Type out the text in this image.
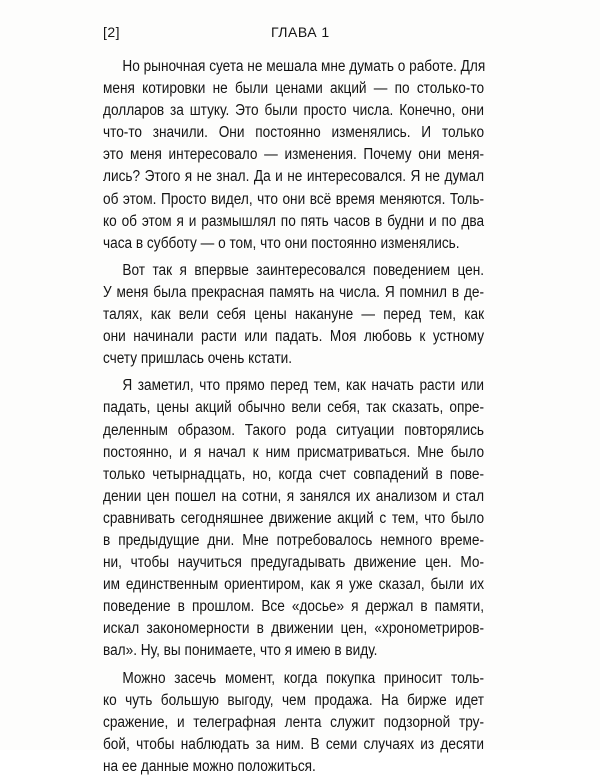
[2]	ГЛАВА 1
Но рыночная суета не мешала мне думать о работе. Для
меня котировки не были ценами акций — по столько-то
долларов за штуку. Это были просто числа. Конечно, они
что-то значили. Они постоянно изменялись. И только
это меня интересовало — изменения. Почему они меня-
лись? Этого я не знал. Да и не интересовался. Я не думал
об этом. Просто видел, что они всё время меняются. Толь-
ко об этом я и размышлял по пять часов в будни и по два
часа в субботу — о том, что они постоянно изменялись.
Вот так я впервые заинтересовался поведением цен.
У меня была прекрасная память на числа. Я помнил в де-
талях, как вели себя цены накануне — перед тем, как
они начинали расти или падать. Моя любовь к устному
счету пришлась очень кстати.
Я заметил, что прямо перед тем, как начать расти или
падать, цены акций обычно вели себя, так сказать, опре-
деленным образом. Такого рода ситуации повторялись
постоянно, и я начал к ним присматриваться. Мне было
только четырнадцать, но, когда счет совпадений в пове-
дении цен пошел на сотни, я занялся их анализом и стал
сравнивать сегодняшнее движение акций с тем, что было
в предыдущие дни. Мне потребовалось немного време-
ни, чтобы научиться предугадывать движение цен. Мо-
им единственным ориентиром, как я уже сказал, были их
поведение в прошлом. Все «досье» я держал в памяти,
искал закономерности в движении цен, «хронометриров-
вал». Ну, вы понимаете, что я имею в виду.
Можно засечь момент, когда покупка приносит толь-
ко чуть большую выгоду, чем продажа. На бирже идет
сражение, и телеграфная лента служит подзорной тру-
бой, чтобы наблюдать за ним. В семи случаях из десяти
на ее данные можно положиться.
